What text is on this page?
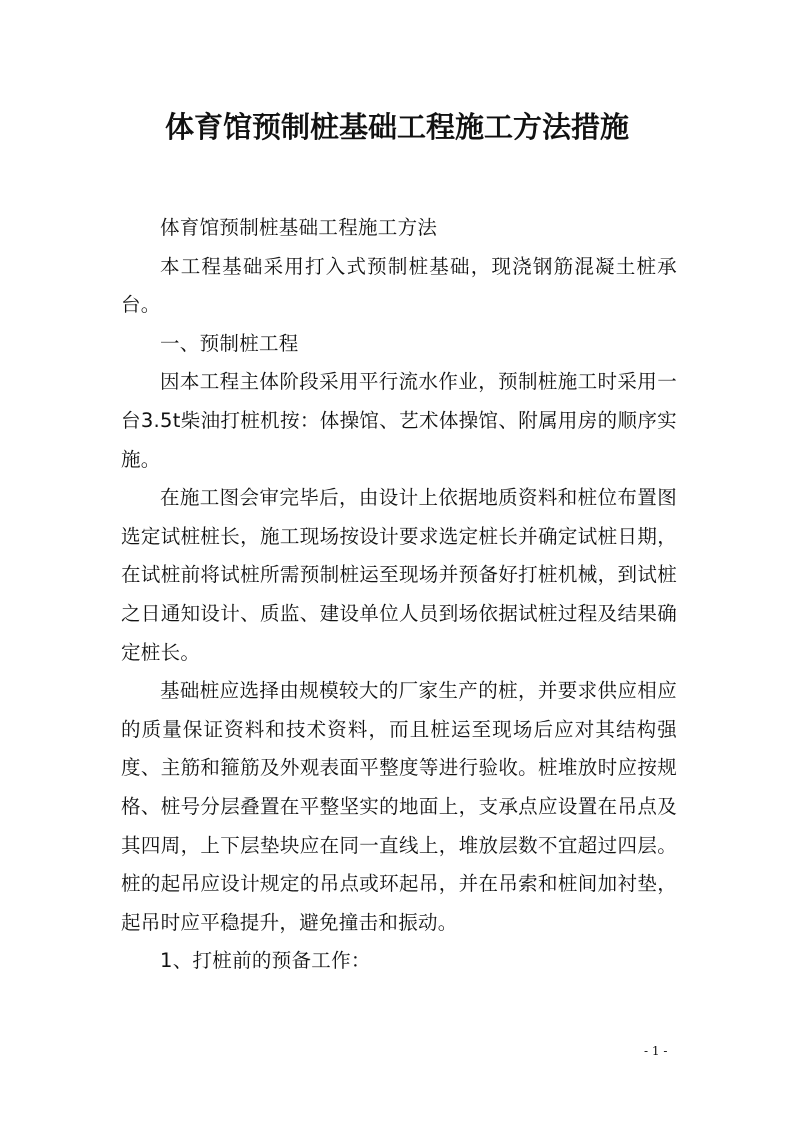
体育馆预制桩基础工程施工方法措施

体育馆预制桩基础工程施工方法

本工程基础采用打入式预制桩基础，现浇钢筋混凝土桩承台。

一、预制桩工程

因本工程主体阶段采用平行流水作业，预制桩施工时采用一台3.5t柴油打桩机按：体操馆、艺术体操馆、附属用房的顺序实施。

在施工图会审完毕后，由设计上依据地质资料和桩位布置图选定试桩桩长，施工现场按设计要求选定桩长并确定试桩日期，在试桩前将试桩所需预制桩运至现场并预备好打桩机械，到试桩之日通知设计、质监、建设单位人员到场依据试桩过程及结果确定桩长。

基础桩应选择由规模较大的厂家生产的桩，并要求供应相应的质量保证资料和技术资料，而且桩运至现场后应对其结构强度、主筋和箍筋及外观表面平整度等进行验收。桩堆放时应按规格、桩号分层叠置在平整坚实的地面上，支承点应设置在吊点及其四周，上下层垫块应在同一直线上，堆放层数不宜超过四层。桩的起吊应设计规定的吊点或环起吊，并在吊索和桩间加衬垫，起吊时应平稳提升，避免撞击和振动。

1、打桩前的预备工作：

- 1 -
